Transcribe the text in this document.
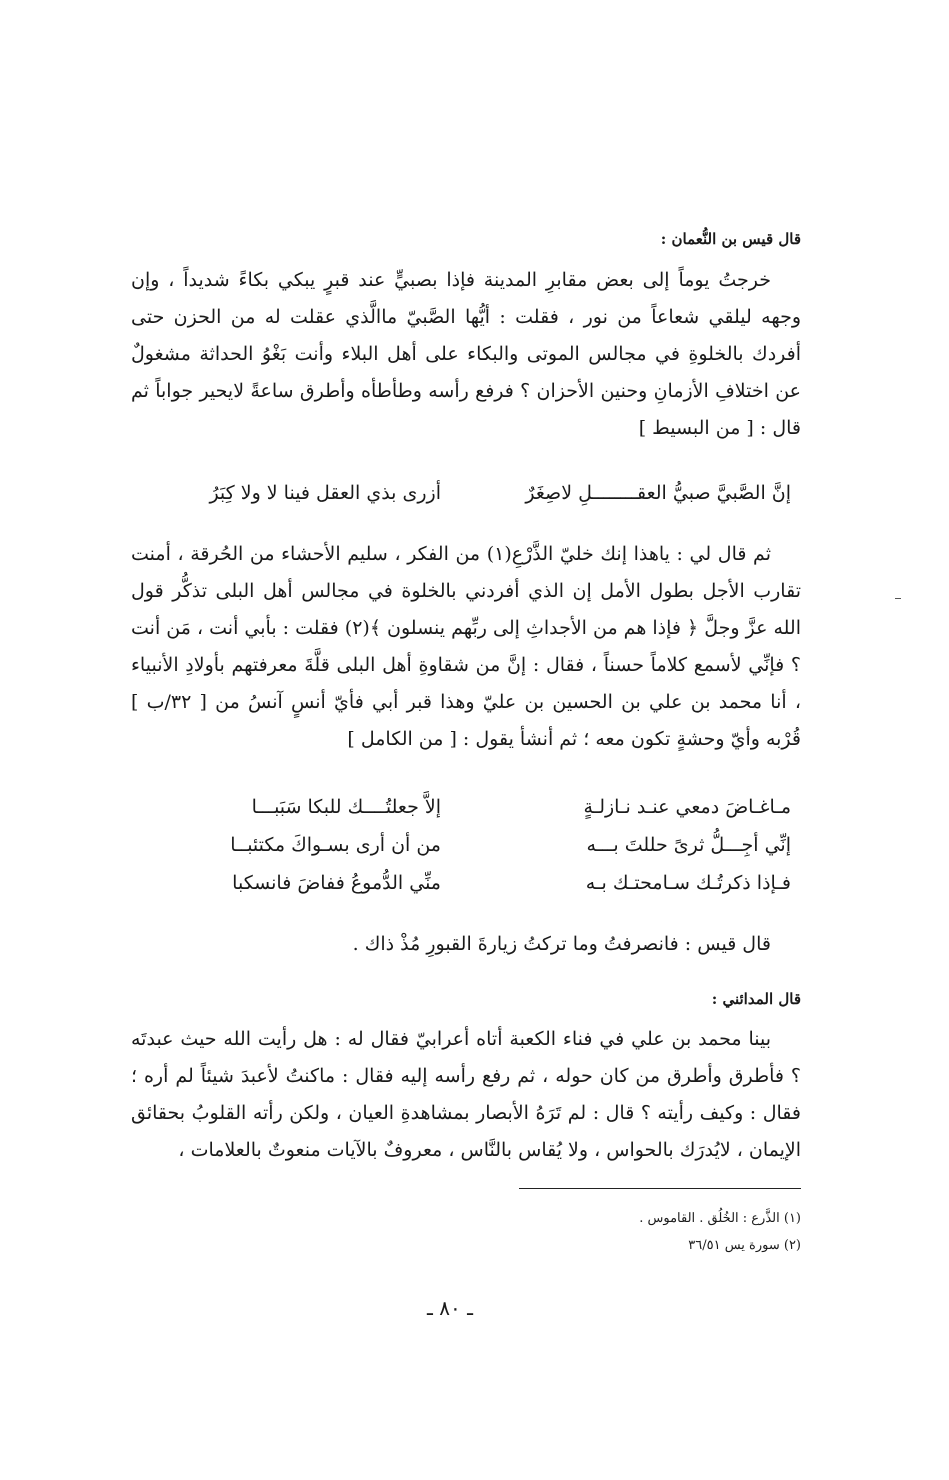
قال قيس بن النُّعمان :
خرجتُ يوماً إلى بعض مقابرِ المدينة فإذا بصبيٍّ عند قبرٍ يبكي بكاءً شديداً ، وإن وجهه ليلقي شعاعاً من نور ، فقلت : أيُّها الصَّبيّ ماالَّذي عقلت له من الحزن حتى أفردك بالخلوةِ في مجالس الموتى والبكاء على أهل البلاء وأنت بَغْوُ الحداثة مشغولٌ عن اختلافِ الأزمانِ وحنين الأحزان ؟ فرفع رأسه وطأطأه وأطرق ساعةً لايحير جواباً ثم قال : [ من البسيط ]
إنَّ الصَّبيَّ صبيُّ العقــــــــلِ لاصِغَرٌ
أزرى بذي العقل فينا لا ولا كِبَرُ
ثم قال لي : ياهذا إنك خليّ الذَّرْعِ(١) من الفكر ، سليم الأحشاء من الحُرقة ، أمنت تقارب الأجل بطول الأمل إن الذي أفردني بالخلوة في مجالس أهل البلى تذكُّر قول الله عزَّ وجلَّ ﴿ فإذا هم من الأجداثِ إلى ربِّهم ينسلون ﴾(٢) فقلت : بأبي أنت ، مَن أنت ؟ فإنِّي لأسمع كلاماً حسناً ، فقال : إنَّ من شقاوةِ أهل البلى قلَّةَ معرفتهم بأولادِ الأنبياء ، أنا محمد بن علي بن الحسين بن عليّ وهذا قبر أبي فأيّ أنسٍ آنسُ من [ ٣٢/ب ] قُرْبه وأيّ وحشةٍ تكون معه ؛ ثم أنشأ يقول : [ من الكامل ]
مـاغـاضَ دمعي عنـد نـازلـةٍ
إلاَّ جعلتُــــك للبكا سَبَبـــا
إنِّي أجِـــلُّ ثرىً حللتَ بـــه
من أن أرى بسـواكَ مكتئبــا
فـإذا ذكرتُـك سـامحتـك بـه
منِّي الدُّموعُ ففاضَ فانسكبا
قال قيس : فانصرفتُ وما تركتُ زيارةَ القبورِ مُذْ ذاك .
قال المدائني :
بينا محمد بن علي في فناء الكعبة أتاه أعرابيّ فقال له : هل رأيت الله حيث عبدتَه ؟ فأطرق وأطرق من كان حوله ، ثم رفع رأسه إليه فقال : ماكنتُ لأعبدَ شيئاً لم أره ؛ فقال : وكيف رأيته ؟ قال : لم تَرَهُ الأبصار بمشاهدةِ العيان ، ولكن رأته القلوبُ بحقائق الإيمان ، لايُدرَك بالحواس ، ولا يُقاس بالنَّاس ، معروفٌ بالآيات منعوتٌ بالعلامات ،
(١) الذَّرع : الخُلُق . القاموس .
(٢) سورة يس ٣٦/٥١
ـ ٨٠ ـ
